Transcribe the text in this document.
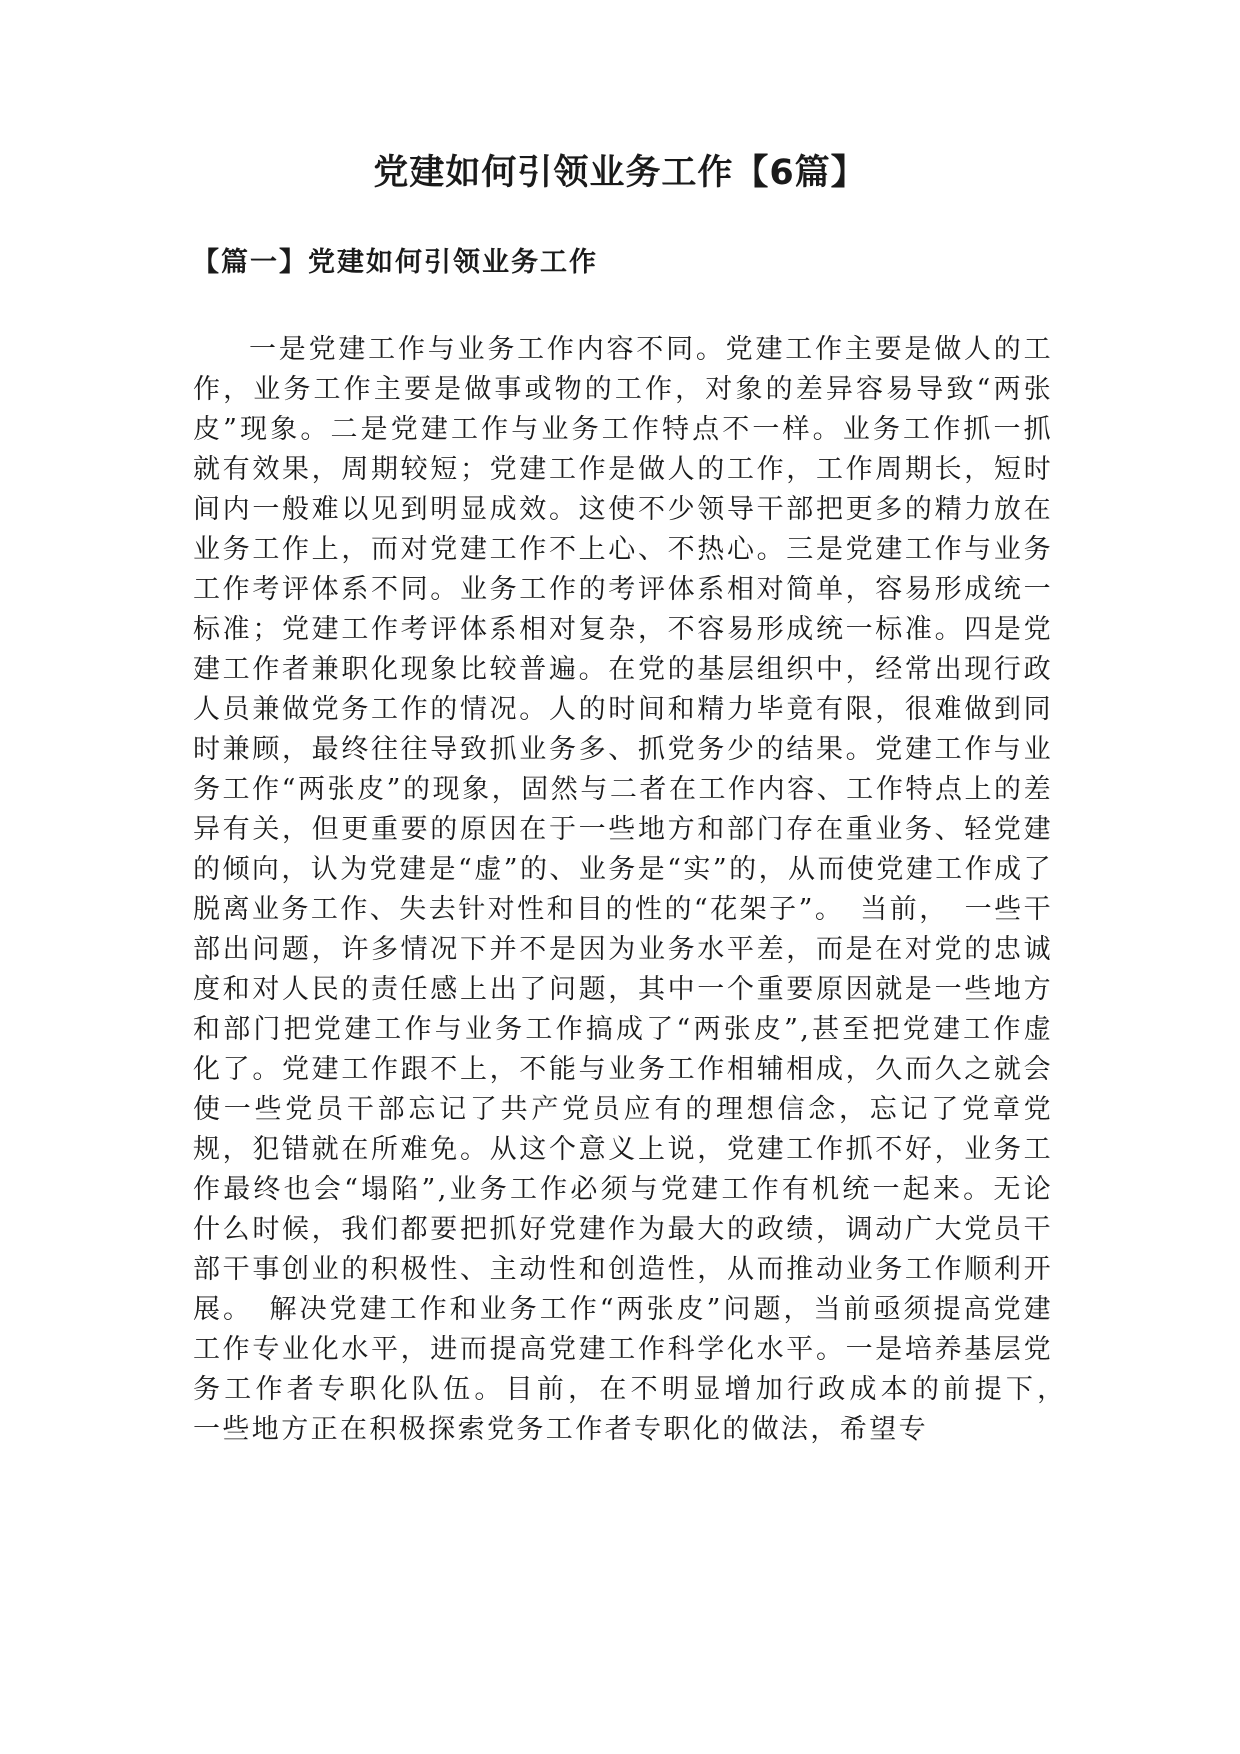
党建如何引领业务工作【6篇】
【篇一】党建如何引领业务工作

一是党建工作与业务工作内容不同。党建工作主要是做人的工作，业务工作主要是做事或物的工作，对象的差异容易导致“两张皮”现象。二是党建工作与业务工作特点不一样。业务工作抓一抓就有效果，周期较短；党建工作是做人的工作，工作周期长，短时间内一般难以见到明显成效。这使不少领导干部把更多的精力放在业务工作上，而对党建工作不上心、不热心。三是党建工作与业务工作考评体系不同。业务工作的考评体系相对简单，容易形成统一标准；党建工作考评体系相对复杂，不容易形成统一标准。四是党建工作者兼职化现象比较普遍。在党的基层组织中，经常出现行政人员兼做党务工作的情况。人的时间和精力毕竟有限，很难做到同时兼顾，最终往往导致抓业务多、抓党务少的结果。党建工作与业务工作“两张皮”的现象，固然与二者在工作内容、工作特点上的差异有关，但更重要的原因在于一些地方和部门存在重业务、轻党建的倾向，认为党建是“虚”的、业务是“实”的，从而使党建工作成了脱离业务工作、失去针对性和目的性的“花架子”。　当前，　一些干部出问题，许多情况下并不是因为业务水平差，而是在对党的忠诚度和对人民的责任感上出了问题，其中一个重要原因就是一些地方和部门把党建工作与业务工作搞成了“两张皮”,甚至把党建工作虚化了。党建工作跟不上，不能与业务工作相辅相成，久而久之就会使一些党员干部忘记了共产党员应有的理想信念，忘记了党章党规，犯错就在所难免。从这个意义上说，党建工作抓不好，业务工作最终也会“塌陷”,业务工作必须与党建工作有机统一起来。无论什么时候，我们都要把抓好党建作为最大的政绩，调动广大党员干部干事创业的积极性、主动性和创造性，从而推动业务工作顺利开展。　解决党建工作和业务工作“两张皮”问题，当前亟须提高党建工作专业化水平，进而提高党建工作科学化水平。一是培养基层党务工作者专职化队伍。目前，在不明显增加行政成本的前提下，　一些地方正在积极探索党务工作者专职化的做法，希望专
